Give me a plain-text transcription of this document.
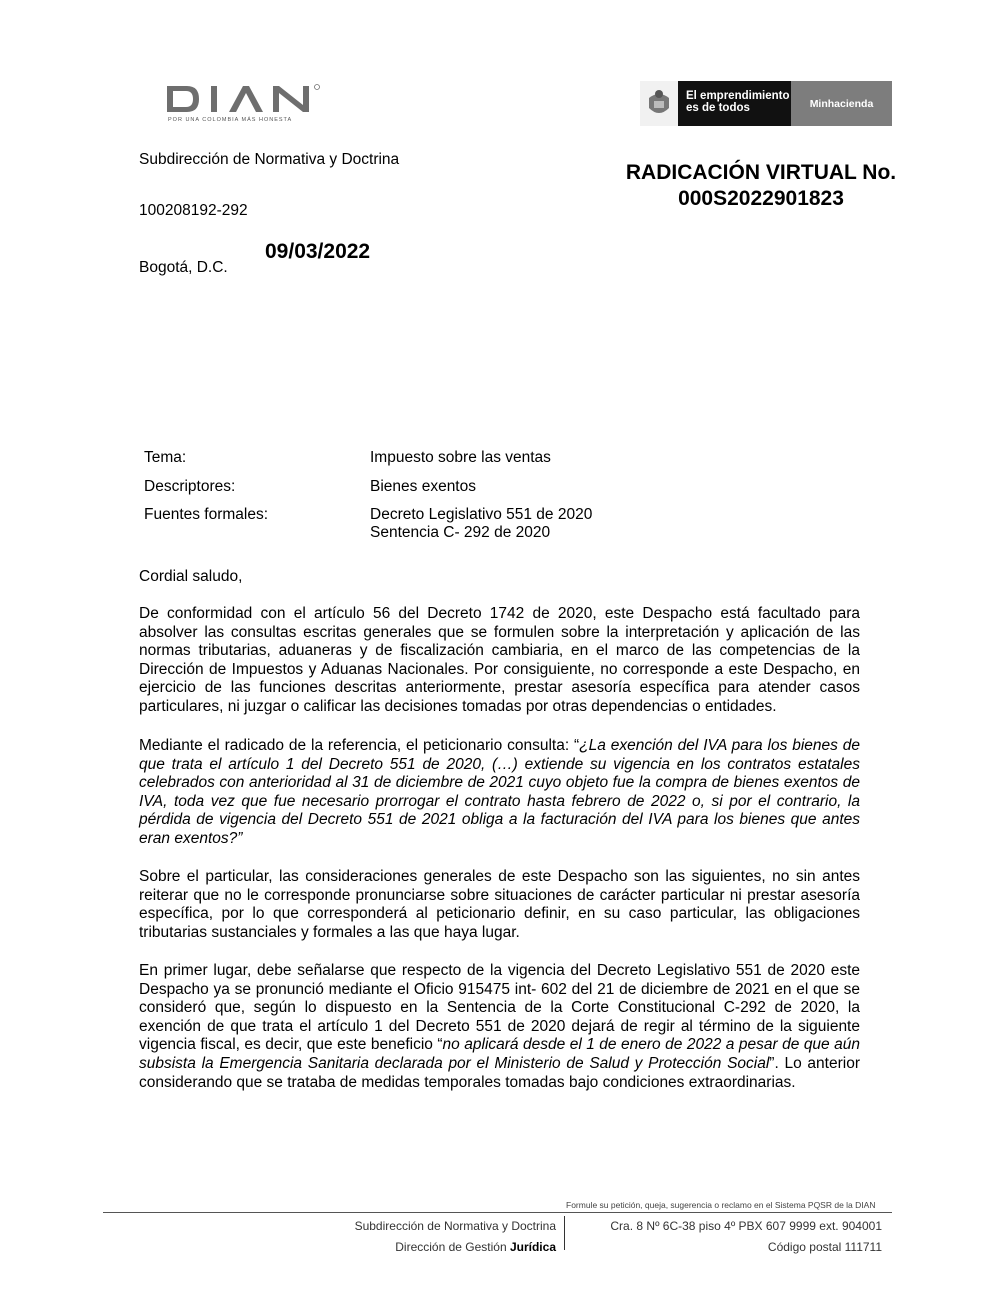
POR UNA COLOMBIA MÁS HONESTA
El emprendimiento
es de todos	Minhacienda
Subdirección de Normativa y Doctrina
RADICACIÓN VIRTUAL No.
000S2022901823
100208192-292
Bogotá, D.C.
09/03/2022
Tema:	Impuesto sobre las ventas
Descriptores:	Bienes exentos
Fuentes formales:	Decreto Legislativo 551 de 2020
Sentencia C- 292 de 2020
Cordial saludo,

De conformidad con el artículo 56 del Decreto 1742 de 2020, este Despacho está facultado para absolver las consultas escritas generales que se formulen sobre la interpretación y aplicación de las normas tributarias, aduaneras y de fiscalización cambiaria, en el marco de las competencias de la Dirección de Impuestos y Aduanas Nacionales. Por consiguiente, no corresponde a este Despacho, en ejercicio de las funciones descritas anteriormente, prestar asesoría específica para atender casos particulares, ni juzgar o calificar las decisiones tomadas por otras dependencias o entidades.

Mediante el radicado de la referencia, el peticionario consulta: “¿La exención del IVA para los bienes de que trata el artículo 1 del Decreto 551 de 2020, (…) extiende su vigencia en los contratos estatales celebrados con anterioridad al 31 de diciembre de 2021 cuyo objeto fue la compra de bienes exentos de IVA, toda vez que fue necesario prorrogar el contrato hasta febrero de 2022 o, si por el contrario, la pérdida de vigencia del Decreto 551 de 2021 obliga a la facturación del IVA para los bienes que antes eran exentos?”

Sobre el particular, las consideraciones generales de este Despacho son las siguientes, no sin antes reiterar que no le corresponde pronunciarse sobre situaciones de carácter particular ni prestar asesoría específica, por lo que corresponderá al peticionario definir, en su caso particular, las obligaciones tributarias sustanciales y formales a las que haya lugar.

En primer lugar, debe señalarse que respecto de la vigencia del Decreto Legislativo 551 de 2020 este Despacho ya se pronunció mediante el Oficio 915475 int- 602 del 21 de diciembre de 2021 en el que se consideró que, según lo dispuesto en la Sentencia de la Corte Constitucional C-292 de 2020, la exención de que trata el artículo 1 del Decreto 551 de 2020 dejará de regir al término de la siguiente vigencia fiscal, es decir, que este beneficio “no aplicará desde el 1 de enero de 2022 a pesar de que aún subsista la Emergencia Sanitaria declarada por el Ministerio de Salud y Protección Social”. Lo anterior considerando que se trataba de medidas temporales tomadas bajo condiciones extraordinarias.

Formule su petición, queja, sugerencia o reclamo en el Sistema PQSR de la DIAN
Subdirección de Normativa y Doctrina
Dirección de Gestión Jurídica
Cra. 8 Nº 6C-38 piso 4º PBX 607 9999 ext. 904001
Código postal 111711
